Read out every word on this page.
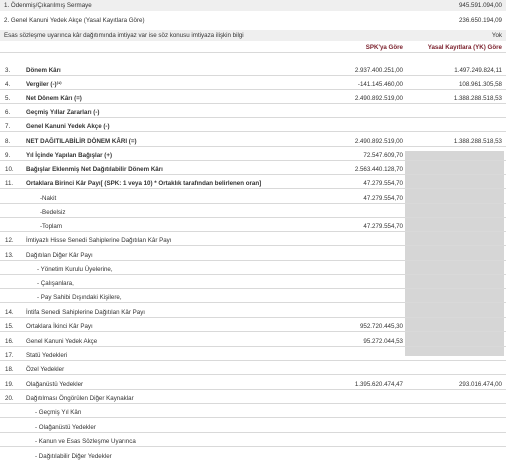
1. Ödenmiş/Çıkarılmış Sermaye	945.591.094,00
2. Genel Kanuni Yedek Akçe (Yasal Kayıtlara Göre)	236.650.194,09
Esas sözleşme uyarınca kâr dağıtımında imtiyaz var ise söz konusu imtiyaza ilişkin bilgi	Yok
SPK'ya Göre	Yasal Kayıtlara (YK) Göre
3.	Dönem Kârı	2.937.400.251,00	1.497.249.824,11
4.	Vergiler (-)⁽¹⁾	-141.145.460,00	108.961.305,58
5.	Net Dönem Kârı (=)	2.490.892.519,00	1.388.288.518,53
6.	Geçmiş Yıllar Zararları (-)
7.	Genel Kanuni Yedek Akçe (-)
8.	NET DAĞITILABİLİR DÖNEM KÂRI (=)	2.490.892.519,00	1.388.288.518,53
9.	Yıl İçinde Yapılan Bağışlar (+)	72.547.609,70
10. Bağışlar Eklenmiş Net Dağıtılabilir Dönem Kârı	2.563.440.128,70
11. Ortaklara Birinci Kâr Payı[ (SPK: 1 veya 10) * Ortaklık tarafından belirlenen oran]	47.279.554,70
-Nakit	47.279.554,70
-Bedelsiz
-Toplam	47.279.554,70
12. İmtiyazlı Hisse Senedi Sahiplerine Dağıtılan Kâr Payı
13. Dağıtılan Diğer Kâr Payı
- Yönetim Kurulu Üyelerine,
- Çalışanlara,
- Pay Sahibi Dışındaki Kişilere,
14. İntifa Senedi Sahiplerine Dağıtılan Kâr Payı
15. Ortaklara İkinci Kâr Payı	952.720.445,30
16. Genel Kanuni Yedek Akçe	95.272.044,53
17. Statü Yedekleri
18. Özel Yedekler
19. Olağanüstü Yedekler	1.395.620.474,47	293.016.474,00
20. Dağıtılması Öngörülen Diğer Kaynaklar
- Geçmiş Yıl Kârı
- Olağanüstü Yedekler
- Kanun ve Esas Sözleşme Uyarınca
- Dağıtılabilir Diğer Yedekler
